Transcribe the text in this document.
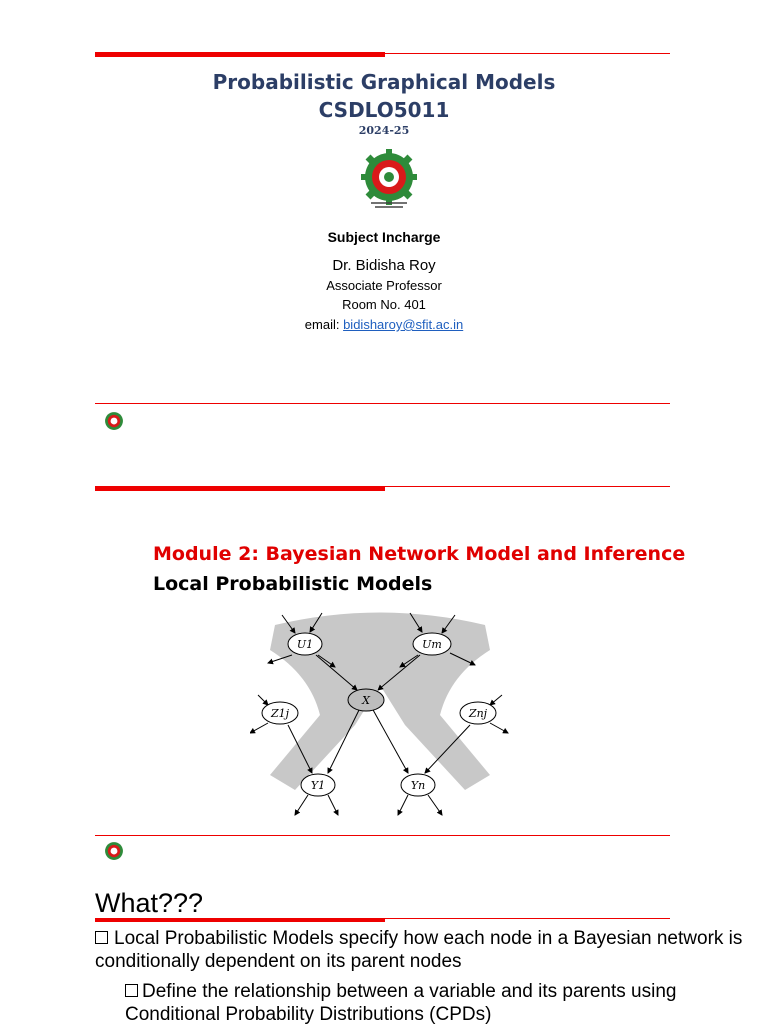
Probabilistic Graphical Models
CSDLO5011
2024-25
Subject Incharge
Dr. Bidisha Roy
Associate Professor
Room No. 401
email: bidisharoy@sfit.ac.in
Module 2: Bayesian Network Model and Inference
Local Probabilistic Models
U1	Um
X
Z1j	Znj
Y1	Yn
What???
Local Probabilistic Models specify how each node in a Bayesian network is conditionally dependent on its parent nodes
Define the relationship between a variable and its parents using Conditional Probability Distributions (CPDs)
